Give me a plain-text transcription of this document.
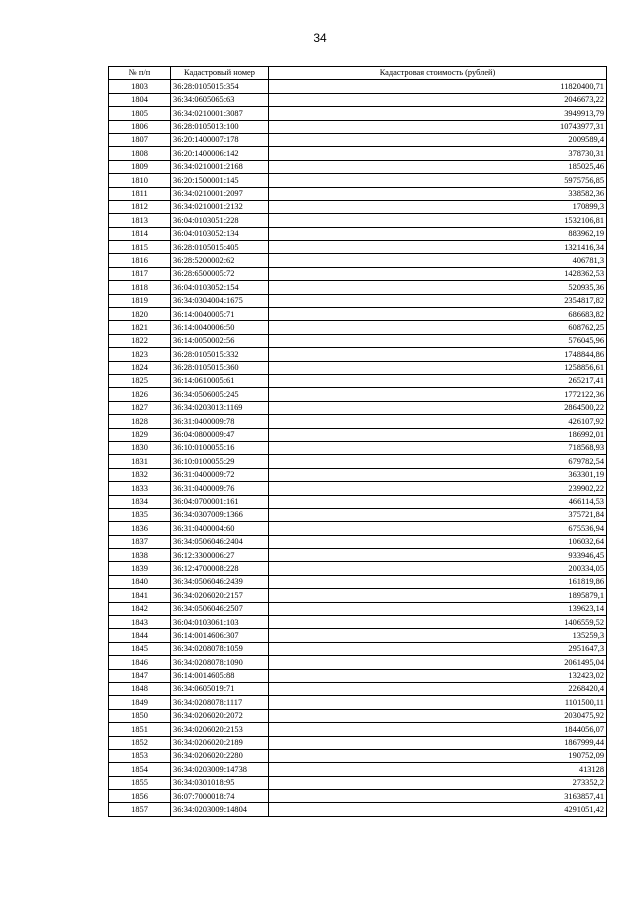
34
№ п/п	Кадастровый номер	Кадастровая стоимость (рублей)
1803	36:28:0105015:354	11820400,71
1804	36:34:0605065:63	2046673,22
1805	36:34:0210001:3087	3949913,79
1806	36:28:0105013:100	10743977,31
1807	36:20:1400007:178	2009589,4
1808	36:20:1400006:142	378730,31
1809	36:34:0210001:2168	185025,46
1810	36:20:1500001:145	5975756,85
1811	36:34:0210001:2097	338582,36
1812	36:34:0210001:2132	170899,3
1813	36:04:0103051:228	1532106,81
1814	36:04:0103052:134	883962,19
1815	36:28:0105015:405	1321416,34
1816	36:28:5200002:62	406781,3
1817	36:28:6500005:72	1428362,53
1818	36:04:0103052:154	520935,36
1819	36:34:0304004:1675	2354817,82
1820	36:14:0040005:71	686683,82
1821	36:14:0040006:50	608762,25
1822	36:14:0050002:56	576045,96
1823	36:28:0105015:332	1748844,86
1824	36:28:0105015:360	1258856,61
1825	36:14:0610005:61	265217,41
1826	36:34:0506005:245	1772122,36
1827	36:34:0203013:1169	2864500,22
1828	36:31:0400009:78	426107,92
1829	36:04:0800009:47	186992,01
1830	36:10:0100055:16	718568,93
1831	36:10:0100055:29	679782,54
1832	36:31:0400009:72	363301,19
1833	36:31:0400009:76	239902,22
1834	36:04:0700001:161	466114,53
1835	36:34:0307009:1366	375721,84
1836	36:31:0400004:60	675536,94
1837	36:34:0506046:2404	106032,64
1838	36:12:3300006:27	933946,45
1839	36:12:4700008:228	200334,05
1840	36:34:0506046:2439	161819,86
1841	36:34:0206020:2157	1895879,1
1842	36:34:0506046:2507	139623,14
1843	36:04:0103061:103	1406559,52
1844	36:14:0014606:307	135259,3
1845	36:34:0208078:1059	2951647,3
1846	36:34:0208078:1090	2061495,04
1847	36:14:0014605:88	132423,02
1848	36:34:0605019:71	2268420,4
1849	36:34:0208078:1117	1101500,11
1850	36:34:0206020:2072	2030475,92
1851	36:34:0206020:2153	1844056,07
1852	36:34:0206020:2189	1867999,44
1853	36:34:0206020:2280	190752,09
1854	36:34:0203009:14738	413128
1855	36:34:0301018:95	273352,2
1856	36:07:7000018:74	3163857,41
1857	36:34:0203009:14804	4291051,42
